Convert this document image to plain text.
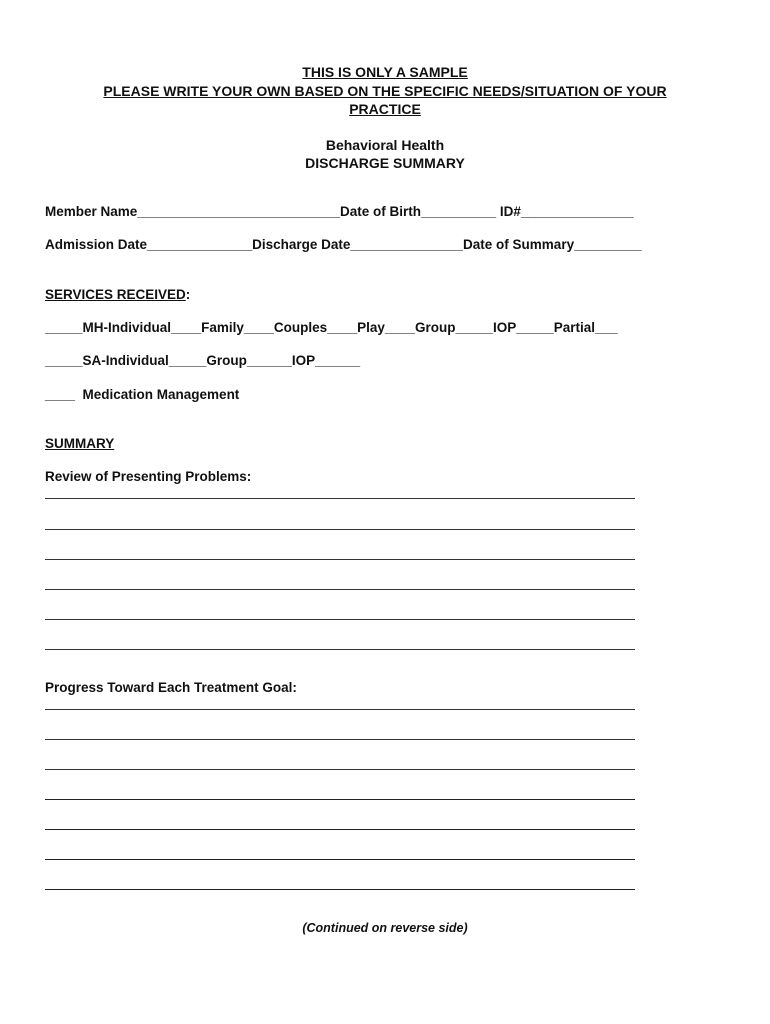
THIS IS ONLY A SAMPLE
PLEASE WRITE YOUR OWN BASED ON THE SPECIFIC NEEDS/SITUATION OF YOUR
PRACTICE
Behavioral Health
DISCHARGE SUMMARY
Member Name___________________________Date of Birth__________ ID#_______________
Admission Date______________Discharge Date_______________Date of Summary_________
SERVICES RECEIVED:
_____MH-Individual____Family____Couples____Play____Group_____IOP_____Partial___
_____SA-Individual_____Group______IOP______
____  Medication Management
SUMMARY
Review of Presenting Problems:
Progress Toward Each Treatment Goal:
(Continued on reverse side)
